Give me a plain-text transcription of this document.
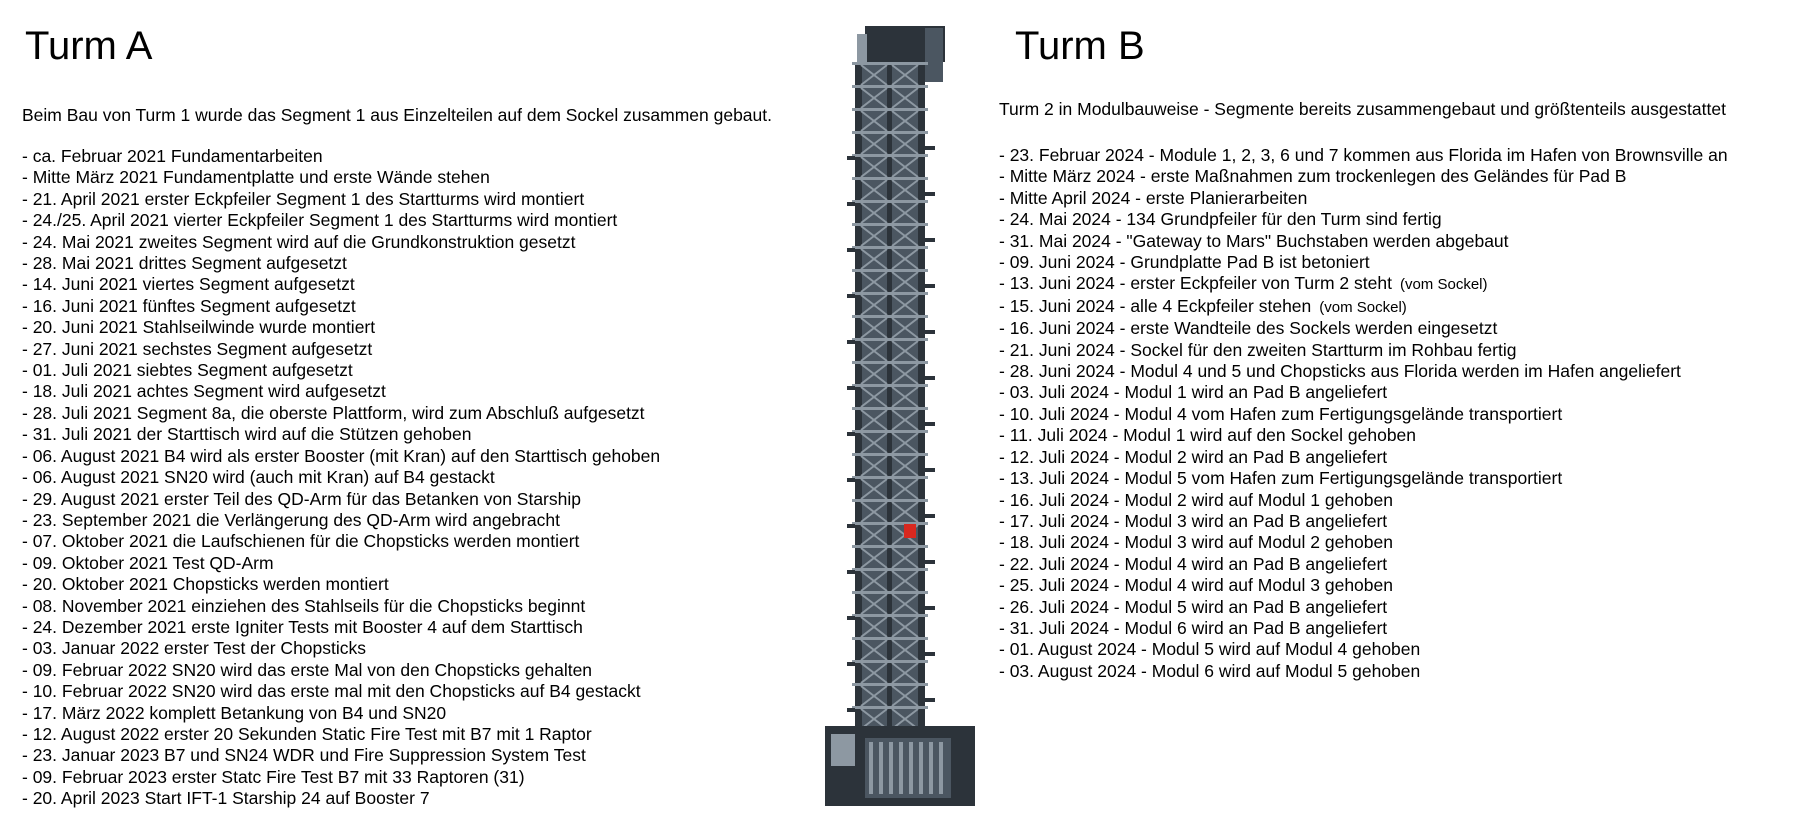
Turm A

Beim Bau von Turm 1 wurde das Segment 1 aus Einzelteilen auf dem Sockel zusammen gebaut.

- ca. Februar 2021 Fundamentarbeiten
- Mitte März 2021 Fundamentplatte und erste Wände stehen
- 21. April 2021 erster Eckpfeiler Segment 1 des Startturms wird montiert
- 24./25. April 2021 vierter Eckpfeiler Segment 1 des Startturms wird montiert
- 24. Mai 2021 zweites Segment wird auf die Grundkonstruktion gesetzt
- 28. Mai 2021 drittes Segment aufgesetzt
- 14. Juni 2021 viertes Segment aufgesetzt
- 16. Juni 2021 fünftes Segment aufgesetzt
- 20. Juni 2021 Stahlseilwinde wurde montiert
- 27. Juni 2021 sechstes Segment aufgesetzt
- 01. Juli 2021 siebtes Segment aufgesetzt
- 18. Juli 2021 achtes Segment wird aufgesetzt
- 28. Juli 2021 Segment 8a, die oberste Plattform, wird zum Abschluß aufgesetzt
- 31. Juli 2021 der Starttisch wird auf die Stützen gehoben
- 06. August 2021 B4 wird als erster Booster (mit Kran) auf den Starttisch gehoben
- 06. August 2021 SN20 wird (auch mit Kran) auf B4 gestackt
- 29. August 2021 erster Teil des QD-Arm für das Betanken von Starship
- 23. September 2021 die Verlängerung des QD-Arm wird angebracht
- 07. Oktober 2021 die Laufschienen für die Chopsticks werden montiert
- 09. Oktober 2021 Test QD-Arm
- 20. Oktober 2021 Chopsticks werden montiert
- 08. November 2021 einziehen des Stahlseils für die Chopsticks beginnt
- 24. Dezember 2021 erste Igniter Tests mit Booster 4 auf dem Starttisch
- 03. Januar 2022 erster Test der Chopsticks
- 09. Februar 2022 SN20 wird das erste Mal von den Chopsticks gehalten
- 10. Februar 2022 SN20 wird das erste mal mit den Chopsticks auf B4 gestackt
- 17. März 2022 komplett Betankung von B4 und SN20
- 12. August 2022 erster 20 Sekunden Static Fire Test mit B7 mit 1 Raptor
- 23. Januar 2023 B7 und SN24 WDR und Fire Suppression System Test
- 09. Februar 2023 erster Statc Fire Test B7 mit 33 Raptoren (31)
- 20. April 2023 Start IFT-1 Starship 24 auf Booster 7
Turm B

Turm 2 in Modulbauweise - Segmente bereits zusammengebaut und größtenteils ausgestattet

- 23. Februar 2024 - Module 1, 2, 3, 6 und 7 kommen aus Florida im Hafen von Brownsville an
- Mitte März 2024 - erste Maßnahmen zum trockenlegen des Geländes für Pad B
- Mitte April 2024 - erste Planierarbeiten
- 24. Mai 2024 - 134 Grundpfeiler für den Turm sind fertig
- 31. Mai 2024 - "Gateway to Mars" Buchstaben werden abgebaut
- 09. Juni 2024 - Grundplatte Pad B ist betoniert
- 13. Juni 2024 - erster Eckpfeiler von Turm 2 steht (vom Sockel)
- 15. Juni 2024 - alle 4 Eckpfeiler stehen (vom Sockel)
- 16. Juni 2024 - erste Wandteile des Sockels werden eingesetzt
- 21. Juni 2024 - Sockel für den zweiten Startturm im Rohbau fertig
- 28. Juni 2024 - Modul 4 und 5 und Chopsticks aus Florida werden im Hafen angeliefert
- 03. Juli 2024 - Modul 1 wird an Pad B angeliefert
- 10. Juli 2024 - Modul 4 vom Hafen zum Fertigungsgelände transportiert
- 11. Juli 2024 - Modul 1 wird auf den Sockel gehoben
- 12. Juli 2024 - Modul 2 wird an Pad B angeliefert
- 13. Juli 2024 - Modul 5 vom Hafen zum Fertigungsgelände transportiert
- 16. Juli 2024 - Modul 2 wird auf Modul 1 gehoben
- 17. Juli 2024 - Modul 3 wird an Pad B angeliefert
- 18. Juli 2024 - Modul 3 wird auf Modul 2 gehoben
- 22. Juli 2024 - Modul 4 wird an Pad B angeliefert
- 25. Juli 2024 - Modul 4 wird auf Modul 3 gehoben
- 26. Juli 2024 - Modul 5 wird an Pad B angeliefert
- 31. Juli 2024 - Modul 6 wird an Pad B angeliefert
- 01. August 2024 - Modul 5 wird auf Modul 4 gehoben
- 03. August 2024 - Modul 6 wird auf Modul 5 gehoben
